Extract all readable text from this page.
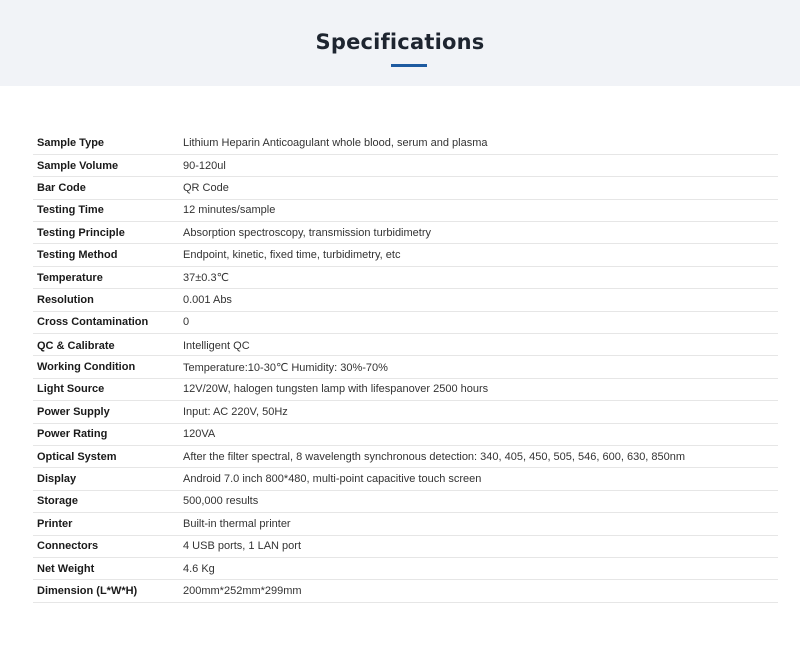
Specifications
Sample Type	Lithium Heparin Anticoagulant whole blood, serum and plasma
Sample Volume	90-120ul
Bar Code	QR Code
Testing Time	12 minutes/sample
Testing Principle	Absorption spectroscopy, transmission turbidimetry
Testing Method	Endpoint, kinetic, fixed time, turbidimetry, etc
Temperature	37±0.3℃
Resolution	0.001 Abs
Cross Contamination	0
QC & Calibrate	Intelligent QC
Working Condition	Temperature:10-30℃ Humidity: 30%-70%
Light Source	12V/20W, halogen tungsten lamp with lifespanover 2500 hours
Power Supply	Input: AC 220V, 50Hz
Power Rating	120VA
Optical System	After the filter spectral, 8 wavelength synchronous detection: 340, 405, 450, 505, 546, 600, 630, 850nm
Display	Android 7.0 inch 800*480, multi-point capacitive touch screen
Storage	500,000 results
Printer	Built-in thermal printer
Connectors	4 USB ports, 1 LAN port
Net Weight	4.6 Kg
Dimension (L*W*H)	200mm*252mm*299mm
